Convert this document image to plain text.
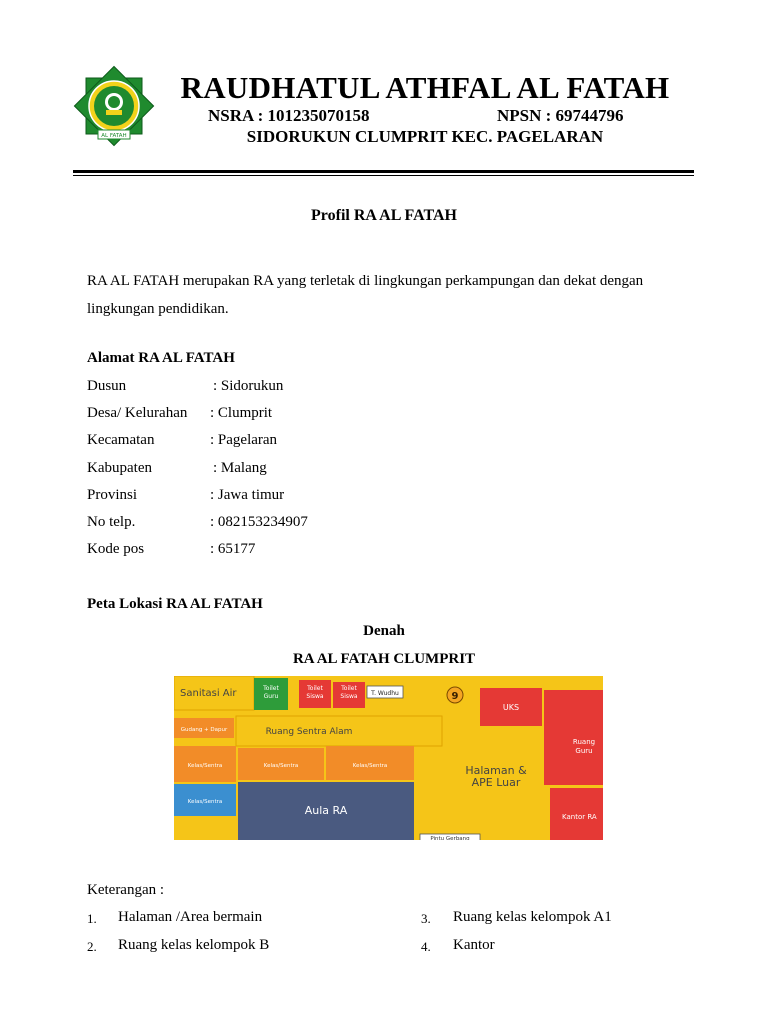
AL FATAH
RAUDHATUL ATHFAL AL FATAH
NSRA : 101235070158	NPSN : 69744796
SIDORUKUN CLUMPRIT KEC. PAGELARAN
Profil RA AL FATAH
RA AL FATAH merupakan RA yang terletak di lingkungan perkampungan dan dekat dengan lingkungan pendidikan.
Alamat RA AL FATAH
Dusun	: Sidorukun
Desa/ Kelurahan : Clumprit
Kecamatan	: Pagelaran
Kabupaten	: Malang
Provinsi	: Jawa timur
No telp.	: 082153234907
Kode pos	: 65177
Peta Lokasi RA AL FATAH
Denah
RA AL FATAH CLUMPRIT
Sanitasi Air	Toilet
Guru
Toilet
Siswa
Toilet
Siswa T. Wudhu	9
UKS
Ruang
Guru
Gudang + Dapur	Ruang Sentra Alam
Kelas/Sentra	Kelas/Sentra	Kelas/Sentra	Halaman &
APE Luar
Kelas/Sentra
Aula RA	Kantor RA
Pintu Gerbang
Keterangan :
1. Halaman /Area bermain
2. Ruang kelas kelompok B
3. Ruang kelas kelompok A1
4. Kantor
